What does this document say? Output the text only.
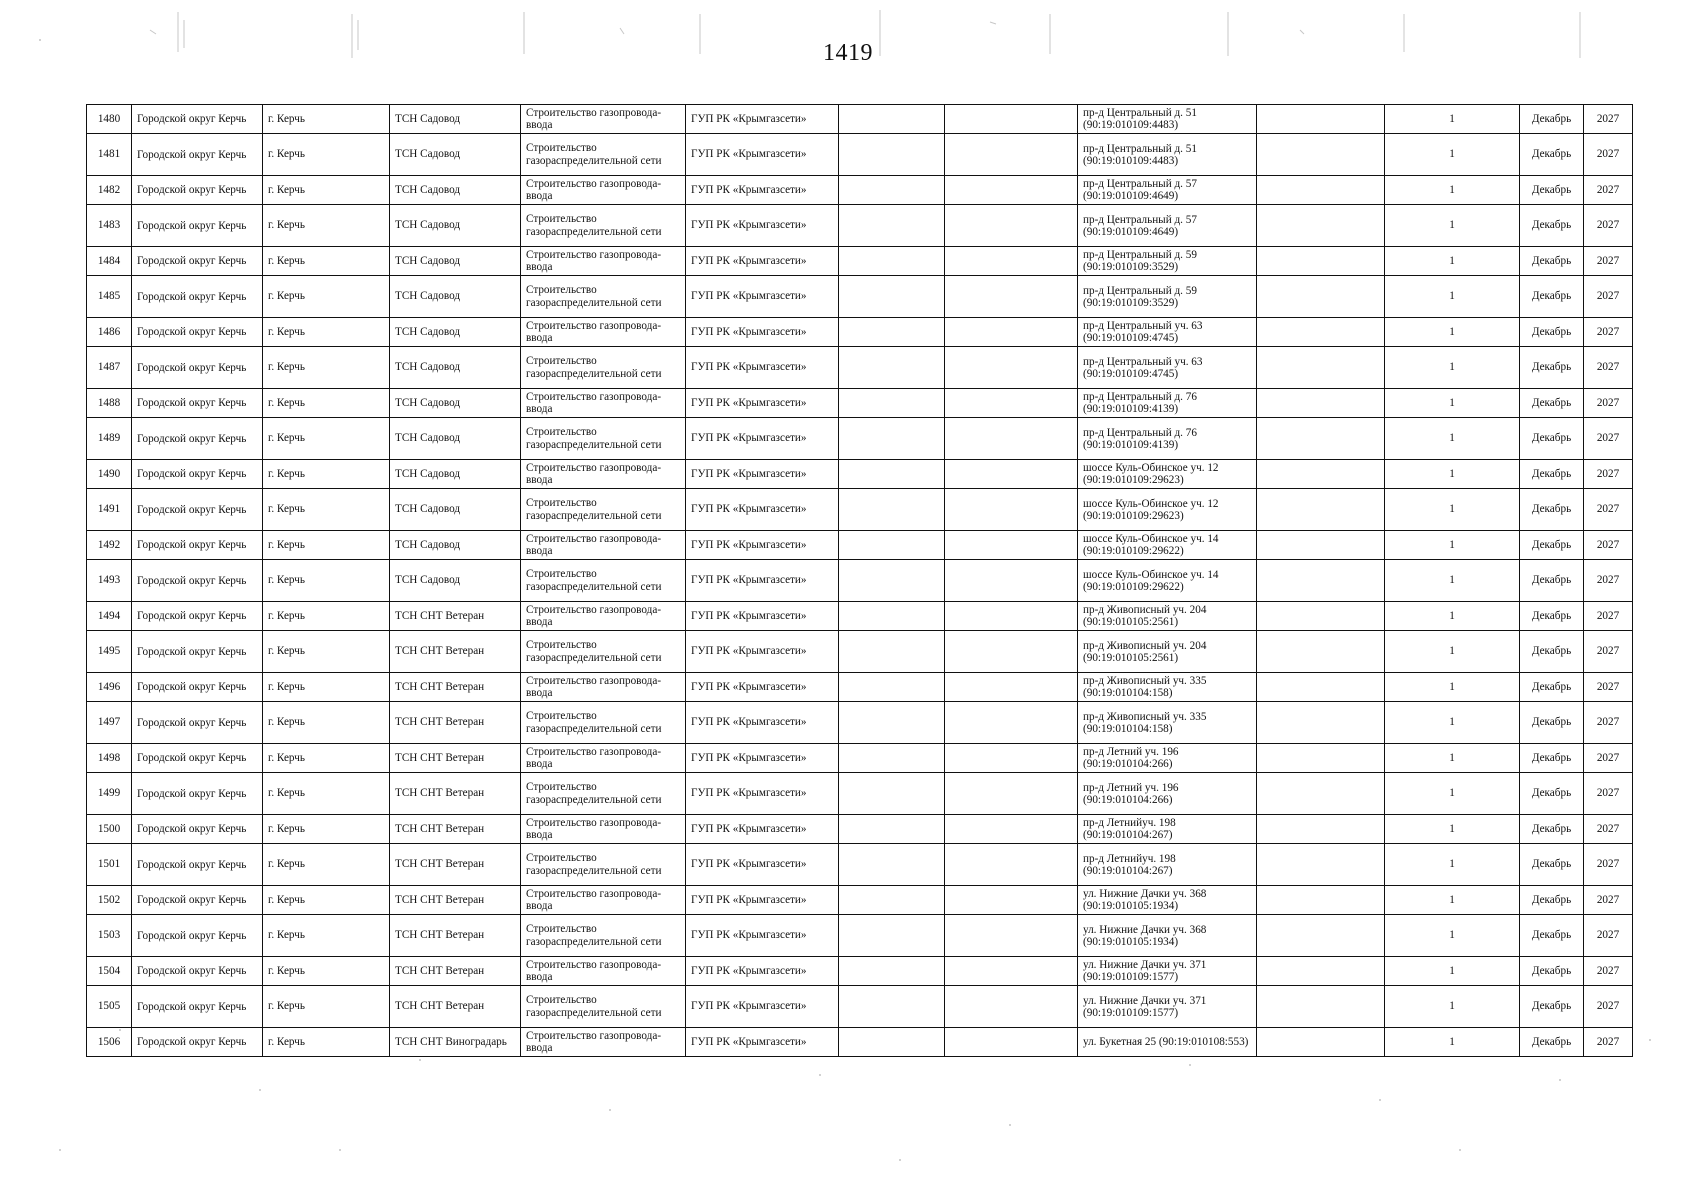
1419
1480	Городской округ Керчь	г. Керчь	ТСН Садовод	Строительство газопровода-ввода	ГУП РК «Крымгазсети»			пр-д Центральный д. 51 (90:19:010109:4483)		1	Декабрь	2027
1481	Городской округ Керчь	г. Керчь	ТСН Садовод	Строительство газораспределительной сети	ГУП РК «Крымгазсети»			пр-д Центральный д. 51 (90:19:010109:4483)		1	Декабрь	2027
1482	Городской округ Керчь	г. Керчь	ТСН Садовод	Строительство газопровода-ввода	ГУП РК «Крымгазсети»			пр-д Центральный д. 57 (90:19:010109:4649)		1	Декабрь	2027
1483	Городской округ Керчь	г. Керчь	ТСН Садовод	Строительство газораспределительной сети	ГУП РК «Крымгазсети»			пр-д Центральный д. 57 (90:19:010109:4649)		1	Декабрь	2027
1484	Городской округ Керчь	г. Керчь	ТСН Садовод	Строительство газопровода-ввода	ГУП РК «Крымгазсети»			пр-д Центральный д. 59 (90:19:010109:3529)		1	Декабрь	2027
1485	Городской округ Керчь	г. Керчь	ТСН Садовод	Строительство газораспределительной сети	ГУП РК «Крымгазсети»			пр-д Центральный д. 59 (90:19:010109:3529)		1	Декабрь	2027
1486	Городской округ Керчь	г. Керчь	ТСН Садовод	Строительство газопровода-ввода	ГУП РК «Крымгазсети»			пр-д Центральный уч. 63 (90:19:010109:4745)		1	Декабрь	2027
1487	Городской округ Керчь	г. Керчь	ТСН Садовод	Строительство газораспределительной сети	ГУП РК «Крымгазсети»			пр-д Центральный уч. 63 (90:19:010109:4745)		1	Декабрь	2027
1488	Городской округ Керчь	г. Керчь	ТСН Садовод	Строительство газопровода-ввода	ГУП РК «Крымгазсети»			пр-д Центральный д. 76 (90:19:010109:4139)		1	Декабрь	2027
1489	Городской округ Керчь	г. Керчь	ТСН Садовод	Строительство газораспределительной сети	ГУП РК «Крымгазсети»			пр-д Центральный д. 76 (90:19:010109:4139)		1	Декабрь	2027
1490	Городской округ Керчь	г. Керчь	ТСН Садовод	Строительство газопровода-ввода	ГУП РК «Крымгазсети»			шоссе Куль-Обинское уч. 12 (90:19:010109:29623)		1	Декабрь	2027
1491	Городской округ Керчь	г. Керчь	ТСН Садовод	Строительство газораспределительной сети	ГУП РК «Крымгазсети»			шоссе Куль-Обинское уч. 12 (90:19:010109:29623)		1	Декабрь	2027
1492	Городской округ Керчь	г. Керчь	ТСН Садовод	Строительство газопровода-ввода	ГУП РК «Крымгазсети»			шоссе Куль-Обинское уч. 14 (90:19:010109:29622)		1	Декабрь	2027
1493	Городской округ Керчь	г. Керчь	ТСН Садовод	Строительство газораспределительной сети	ГУП РК «Крымгазсети»			шоссе Куль-Обинское уч. 14 (90:19:010109:29622)		1	Декабрь	2027
1494	Городской округ Керчь	г. Керчь	ТСН СНТ Ветеран	Строительство газопровода-ввода	ГУП РК «Крымгазсети»			пр-д Живописный уч. 204 (90:19:010105:2561)		1	Декабрь	2027
1495	Городской округ Керчь	г. Керчь	ТСН СНТ Ветеран	Строительство газораспределительной сети	ГУП РК «Крымгазсети»			пр-д Живописный уч. 204 (90:19:010105:2561)		1	Декабрь	2027
1496	Городской округ Керчь	г. Керчь	ТСН СНТ Ветеран	Строительство газопровода-ввода	ГУП РК «Крымгазсети»			пр-д Живописный уч. 335 (90:19:010104:158)		1	Декабрь	2027
1497	Городской округ Керчь	г. Керчь	ТСН СНТ Ветеран	Строительство газораспределительной сети	ГУП РК «Крымгазсети»			пр-д Живописный уч. 335 (90:19:010104:158)		1	Декабрь	2027
1498	Городской округ Керчь	г. Керчь	ТСН СНТ Ветеран	Строительство газопровода-ввода	ГУП РК «Крымгазсети»			пр-д Летний уч. 196 (90:19:010104:266)		1	Декабрь	2027
1499	Городской округ Керчь	г. Керчь	ТСН СНТ Ветеран	Строительство газораспределительной сети	ГУП РК «Крымгазсети»			пр-д Летний уч. 196 (90:19:010104:266)		1	Декабрь	2027
1500	Городской округ Керчь	г. Керчь	ТСН СНТ Ветеран	Строительство газопровода-ввода	ГУП РК «Крымгазсети»			пр-д Летнийуч. 198 (90:19:010104:267)		1	Декабрь	2027
1501	Городской округ Керчь	г. Керчь	ТСН СНТ Ветеран	Строительство газораспределительной сети	ГУП РК «Крымгазсети»			пр-д Летнийуч. 198 (90:19:010104:267)		1	Декабрь	2027
1502	Городской округ Керчь	г. Керчь	ТСН СНТ Ветеран	Строительство газопровода-ввода	ГУП РК «Крымгазсети»			ул. Нижние Дачки уч. 368 (90:19:010105:1934)		1	Декабрь	2027
1503	Городской округ Керчь	г. Керчь	ТСН СНТ Ветеран	Строительство газораспределительной сети	ГУП РК «Крымгазсети»			ул. Нижние Дачки уч. 368 (90:19:010105:1934)		1	Декабрь	2027
1504	Городской округ Керчь	г. Керчь	ТСН СНТ Ветеран	Строительство газопровода-ввода	ГУП РК «Крымгазсети»			ул. Нижние Дачки уч. 371 (90:19:010109:1577)		1	Декабрь	2027
1505	Городской округ Керчь	г. Керчь	ТСН СНТ Ветеран	Строительство газораспределительной сети	ГУП РК «Крымгазсети»			ул. Нижние Дачки уч. 371 (90:19:010109:1577)		1	Декабрь	2027
1506	Городской округ Керчь	г. Керчь	ТСН СНТ Виноградарь	Строительство газопровода-ввода	ГУП РК «Крымгазсети»			ул. Букетная 25 (90:19:010108:553)		1	Декабрь	2027
